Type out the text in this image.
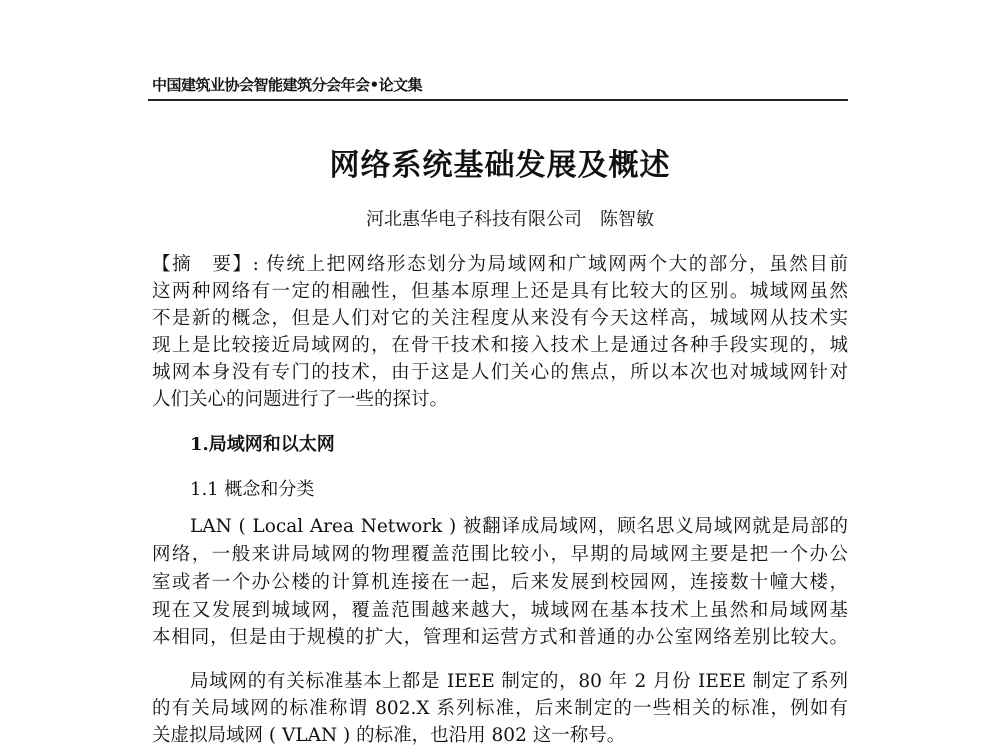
中国建筑业协会智能建筑分会年会•论文集
网络系统基础发展及概述
河北惠华电子科技有限公司　陈智敏
【摘　要】: 传统上把网络形态划分为局域网和广域网两个大的部分，虽然目前
这两种网络有一定的相融性，但基本原理上还是具有比较大的区别。城域网虽然
不是新的概念，但是人们对它的关注程度从来没有今天这样高，城域网从技术实
现上是比较接近局域网的，在骨干技术和接入技术上是通过各种手段实现的，城
城网本身没有专门的技术，由于这是人们关心的焦点，所以本次也对城域网针对
人们关心的问题进行了一些的探讨。
1.局域网和以太网
1.1 概念和分类
LAN ( Local Area Network ) 被翻译成局域网，顾名思义局域网就是局部的
网络，一般来讲局域网的物理覆盖范围比较小，早期的局域网主要是把一个办公
室或者一个办公楼的计算机连接在一起，后来发展到校园网，连接数十幢大楼，
现在又发展到城域网，覆盖范围越来越大，城域网在基本技术上虽然和局域网基
本相同，但是由于规模的扩大，管理和运营方式和普通的办公室网络差别比较大。
局域网的有关标准基本上都是 IEEE 制定的，80 年 2 月份 IEEE 制定了系列
的有关局域网的标准称谓 802.X 系列标准，后来制定的一些相关的标准，例如有
关虚拟局域网 ( VLAN ) 的标准，也沿用 802 这一称号。
